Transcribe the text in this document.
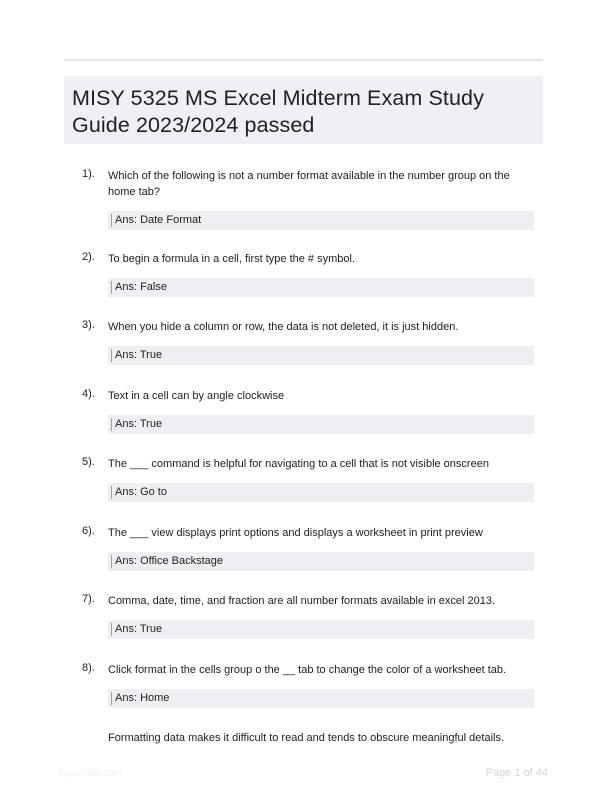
MISY 5325 MS Excel Midterm Exam Study Guide 2023/2024 passed
1). Which of the following is not a number format available in the number group on the home tab?
Ans: Date Format
2). To begin a formula in a cell, first type the # symbol.
Ans: False
3). When you hide a column or row, the data is not deleted, it is just hidden.
Ans: True
4). Text in a cell can by angle clockwise
Ans: True
5). The ___ command is helpful for navigating to a cell that is not visible onscreen
Ans: Go to
6). The ___ view displays print options and displays a worksheet in print preview
Ans: Office Backstage
7). Comma, date, time, and fraction are all number formats available in excel 2013.
Ans: True
8). Click format in the cells group o the __ tab to change the color of a worksheet tab.
Ans: Home
Formatting data makes it difficult to read and tends to obscure meaningful details.
Paperlibe.com	Page 1 of 44
